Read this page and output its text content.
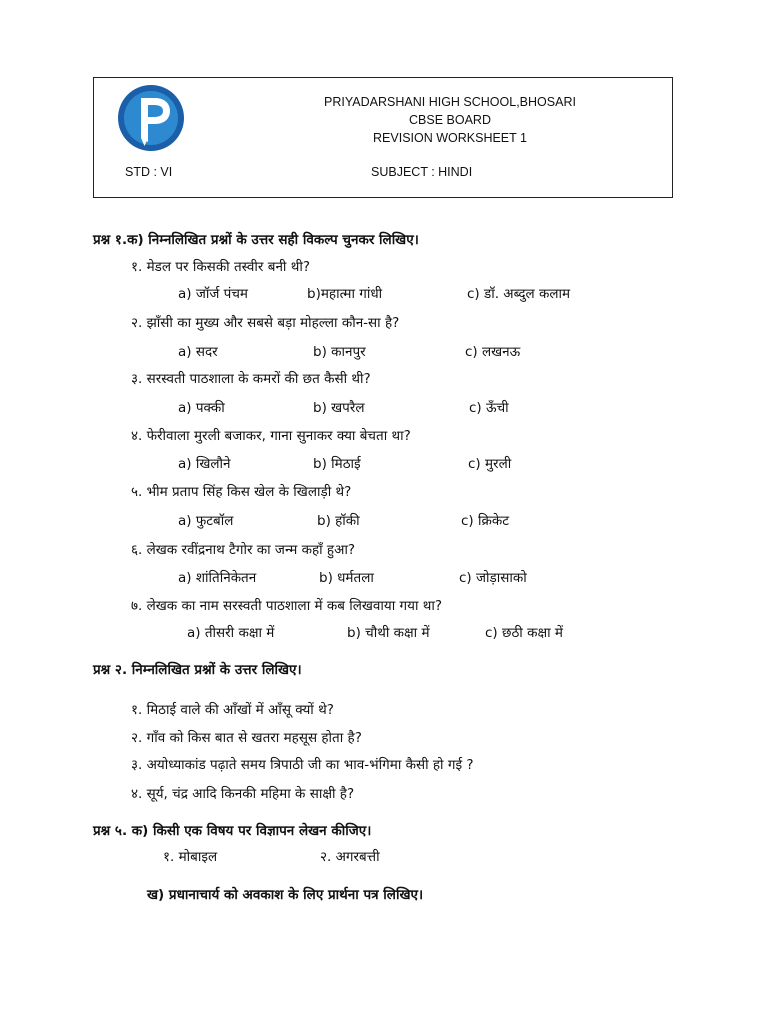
PRIYADARSHANI HIGH SCHOOL,BHOSARI
CBSE BOARD
REVISION WORKSHEET 1
STD : VI	SUBJECT : HINDI
प्रश्न १.क) निम्नलिखित प्रश्नों के उत्तर सही विकल्प चुनकर लिखिए।
१. मेडल पर किसकी तस्वीर बनी थी?
a) जॉर्ज पंचम	b)महात्मा गांधी	c) डॉ. अब्दुल कलाम
२. झाँसी का मुख्य और सबसे बड़ा मोहल्ला कौन-सा है?
a) सदर	b) कानपुर	c) लखनऊ
३. सरस्वती पाठशाला के कमरों की छत कैसी थी?
a) पक्की	b) खपरैल	c) ऊँची
४. फेरीवाला मुरली बजाकर, गाना सुनाकर क्या बेचता था?
a) खिलौने	b) मिठाई	c) मुरली
५. भीम प्रताप सिंह किस खेल के खिलाड़ी थे?
a) फुटबॉल	b) हॉकी	c) क्रिकेट
६. लेखक रवींद्रनाथ टैगोर का जन्म कहाँ हुआ?
a) शांतिनिकेतन	b) धर्मतला	c) जोड़ासाको
७. लेखक का नाम सरस्वती पाठशाला में कब लिखवाया गया था?
a) तीसरी कक्षा में	b) चौथी कक्षा में	c) छठी कक्षा में
प्रश्न २. निम्नलिखित प्रश्नों के उत्तर लिखिए।
१. मिठाई वाले की आँखों में आँसू क्यों थे?
२. गाँव को किस बात से खतरा महसूस होता है?
३. अयोध्याकांड पढ़ाते समय त्रिपाठी जी का भाव-भंगिमा कैसी हो गई ?
४. सूर्य, चंद्र आदि किनकी महिमा के साक्षी है?
प्रश्न ५. क) किसी एक विषय पर विज्ञापन लेखन कीजिए।
१. मोबाइल	२. अगरबत्ती
ख) प्रधानाचार्य को अवकाश के लिए प्रार्थना पत्र लिखिए।
